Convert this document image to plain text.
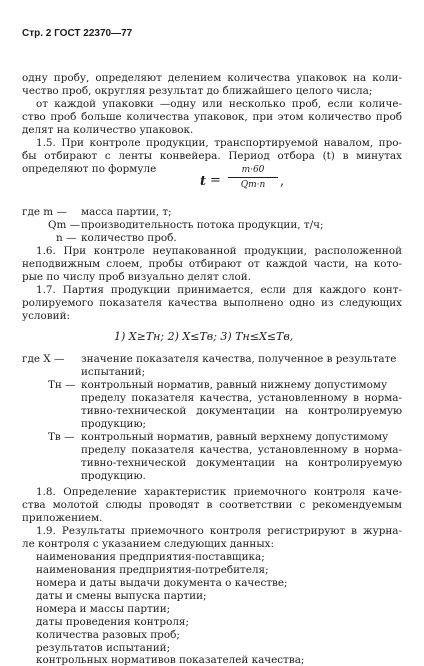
Стр. 2 ГОСТ 22370—77
одну пробу, определяют делением количества упаковок на коли-
чество проб, округляя результат до ближайшего целого числа;
от каждой упаковки —одну или несколько проб, если количе-
ство проб больше количества упаковок, при этом количество проб
делят на количество упаковок.
1.5. При контроле продукции, транспортируемой навалом, про-
бы отбирают с ленты конвейера. Период отбора (t) в минутах
определяют по формуле
t =
m·60
Qm·n	,
где m — масса партии, т;
Qm — производительность потока продукции, т/ч;
n — количество проб.
1.6. При контроле неупакованной продукции, расположенной
неподвижным слоем, пробы отбирают от каждой части, на кото-
рые по числу проб визуально делят слой.
1.7. Партия продукции принимается, если для каждого конт-
ролируемого показателя качества выполнено одно из следующих
условий:
1) X≥Tн; 2) X≤Tв; 3) Tн≤X≤Tв,
где X — значение показателя качества, полученное в результате
испытаний;
Tн — контрольный норматив, равный нижнему допустимому
пределу показателя качества, установленному в норма-
тивно-технической документации на контролируемую
продукцию;
Tв — контрольный норматив, равный верхнему допустимому
пределу показателя качества, установленному в норма-
тивно-технической документации на контролируемую
продукцию.
1.8. Определение характеристик приемочного контроля каче-
ства молотой слюды проводят в соответствии с рекомендуемым
приложением.
1.9. Результаты приемочного контроля регистрируют в журна-
ле контроля с указанием следующих данных:
наименования предприятия-поставщика;
наименования предприятия-потребителя;
номера и даты выдачи документа о качестве;
даты и смены выпуска партии;
номера и массы партии;
даты проведения контроля;
количества разовых проб;
результатов испытаний;
контрольных нормативов показателей качества;
